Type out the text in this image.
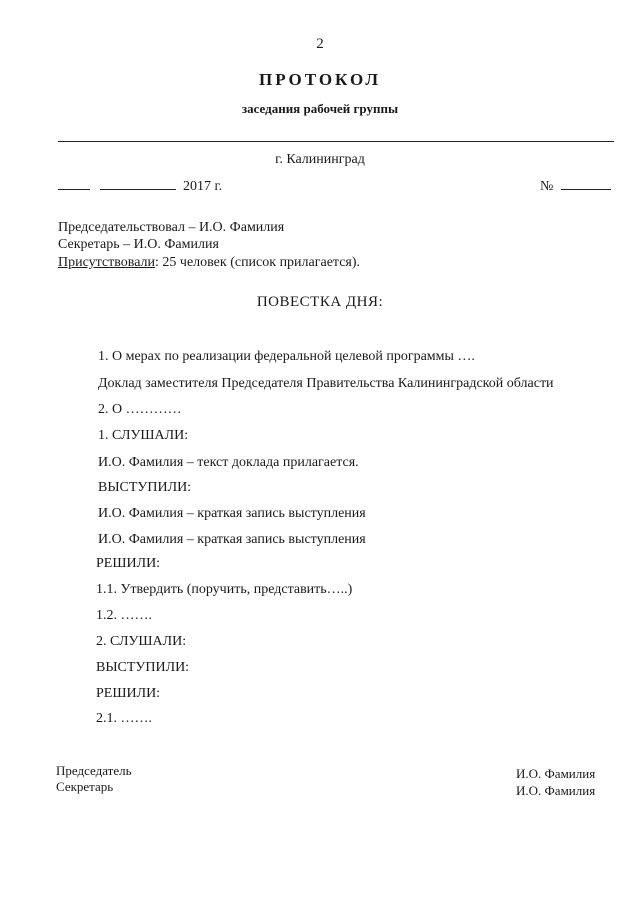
2
ПРОТОКОЛ
заседания рабочей группы
г. Калининград
2017 г.	№
Председательствовал – И.О. Фамилия
Секретарь – И.О. Фамилия
Присутствовали: 25 человек (список прилагается).
ПОВЕСТКА ДНЯ:
1. О мерах по реализации федеральной целевой программы ….
Доклад заместителя Председателя Правительства Калининградской области
2. О …………
1. СЛУШАЛИ:
И.О. Фамилия – текст доклада прилагается.
ВЫСТУПИЛИ:
И.О. Фамилия – краткая запись выступления
И.О. Фамилия – краткая запись выступления
РЕШИЛИ:
1.1. Утвердить (поручить, представить…..)
1.2. …….
2. СЛУШАЛИ:
ВЫСТУПИЛИ:
РЕШИЛИ:
2.1. …….
Председатель
Секретарь
И.О. Фамилия
И.О. Фамилия
